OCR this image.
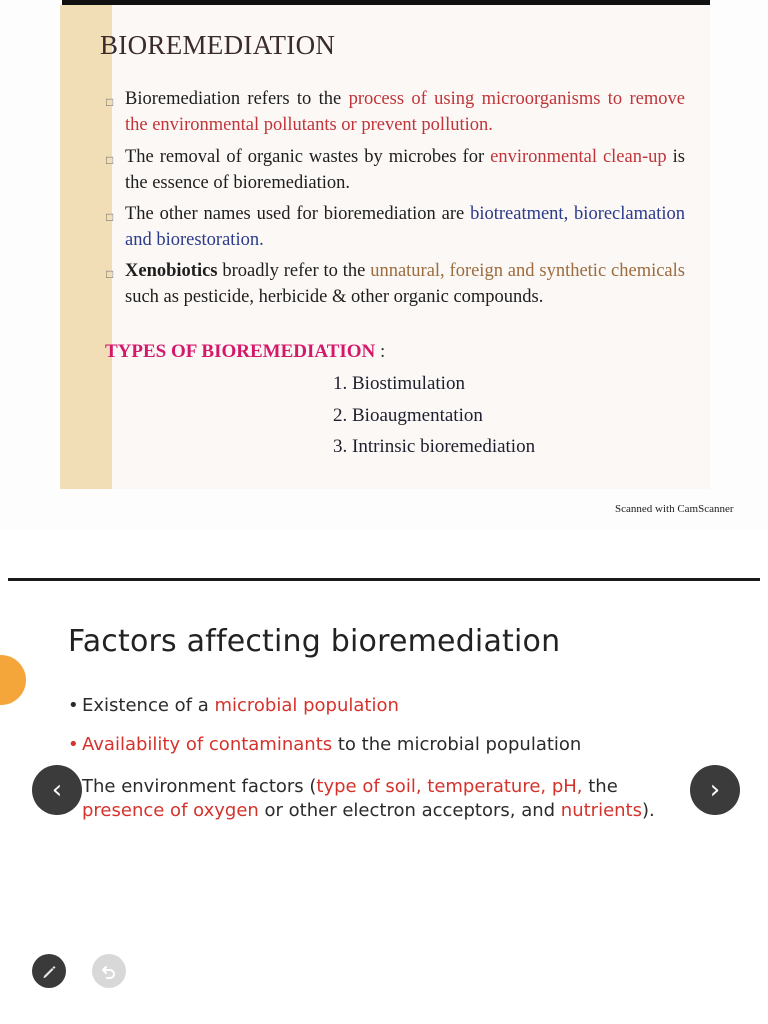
BIOREMEDIATION
□ Bioremediation refers to the process of using microorganisms to remove the environmental pollutants or prevent pollution.
□ The removal of organic wastes by microbes for environmental clean-up is the essence of bioremediation.
□ The other names used for bioremediation are biotreatment, bioreclamation and biorestoration.
□ Xenobiotics broadly refer to the unnatural, foreign and synthetic chemicals such as pesticide, herbicide & other organic compounds.
TYPES OF BIOREMEDIATION :
1. Biostimulation
2. Bioaugmentation
3. Intrinsic bioremediation
Scanned with CamScanner
Factors affecting bioremediation
• Existence of a microbial population
• Availability of contaminants to the microbial population
The environment factors (type of soil, temperature, pH, the presence of oxygen or other electron acceptors, and nutrients).
‹	›
